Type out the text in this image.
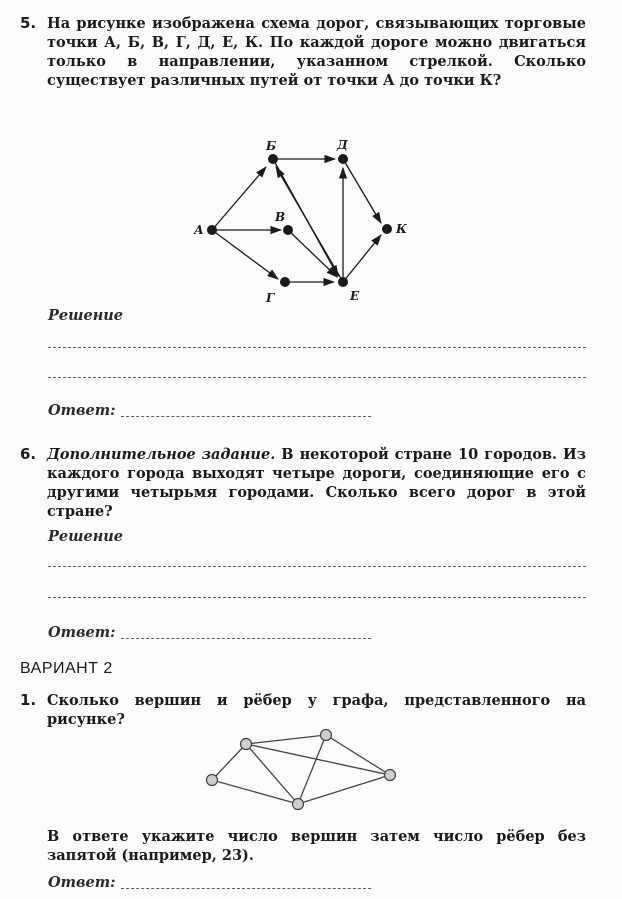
5. На рисунке изображена схема дорог, связывающих торговые точки А, Б, В, Г, Д, Е, К. По каждой дороге можно двигаться только в направлении, указанном стрелкой. Сколько существует различных путей от точки А до точки К?
А
Б
В
Г
Д
Е
К
Решение
Ответ:
6. Дополнительное задание. В некоторой стране 10 городов. Из каждого города выходят четыре дороги, соединяющие его с другими четырьмя городами. Сколько всего дорог в этой стране?
Решение
Ответ:
ВАРИАНТ 2
1. Сколько вершин и рёбер у графа, представленного на рисунке?
В ответе укажите число вершин затем число рёбер без запятой (например, 23).
Ответ:
